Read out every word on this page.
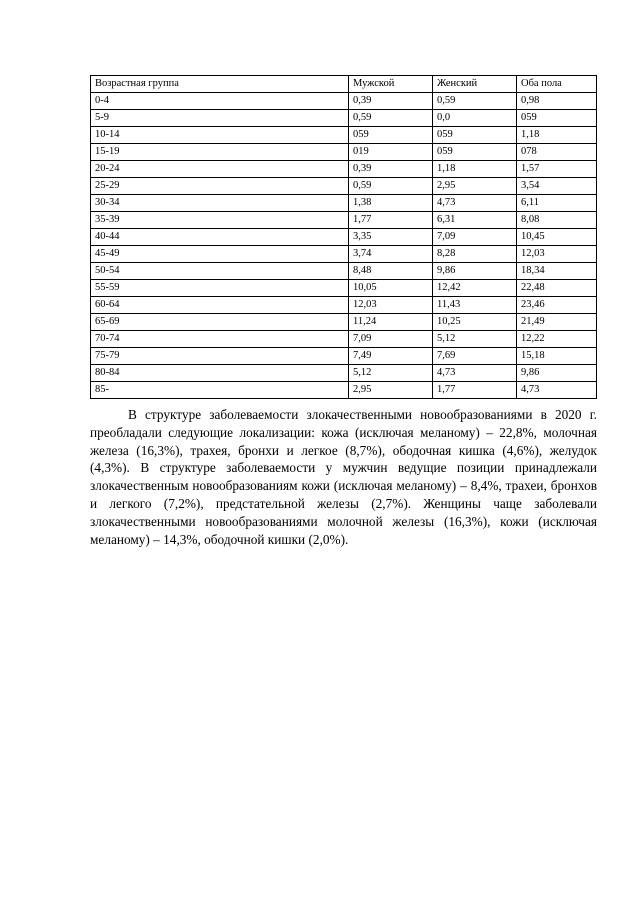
Возрастная группа	Мужской	Женский	Оба пола
0-4	0,39	0,59	0,98
5-9	0,59	0,0	059
10-14	059	059	1,18
15-19	019	059	078
20-24	0,39	1,18	1,57
25-29	0,59	2,95	3,54
30-34	1,38	4,73	6,11
35-39	1,77	6,31	8,08
40-44	3,35	7,09	10,45
45-49	3,74	8,28	12,03
50-54	8,48	9,86	18,34
55-59	10,05	12,42	22,48
60-64	12,03	11,43	23,46
65-69	11,24	10,25	21,49
70-74	7,09	5,12	12,22
75-79	7,49	7,69	15,18
80-84	5,12	4,73	9,86
85-	2,95	1,77	4,73

В структуре заболеваемости злокачественными новообразованиями в 2020 г. преобладали следующие локализации: кожа (исключая меланому) – 22,8%, молочная железа (16,3%), трахея, бронхи и легкое (8,7%), ободочная кишка (4,6%), желудок (4,3%). В структуре заболеваемости у мужчин ведущие позиции принадлежали злокачественным новообразованиям кожи (исключая меланому) – 8,4%, трахеи, бронхов и легкого (7,2%), предстательной железы (2,7%). Женщины чаще заболевали злокачественными новообразованиями молочной железы (16,3%), кожи (исключая меланому) – 14,3%, ободочной кишки (2,0%).
